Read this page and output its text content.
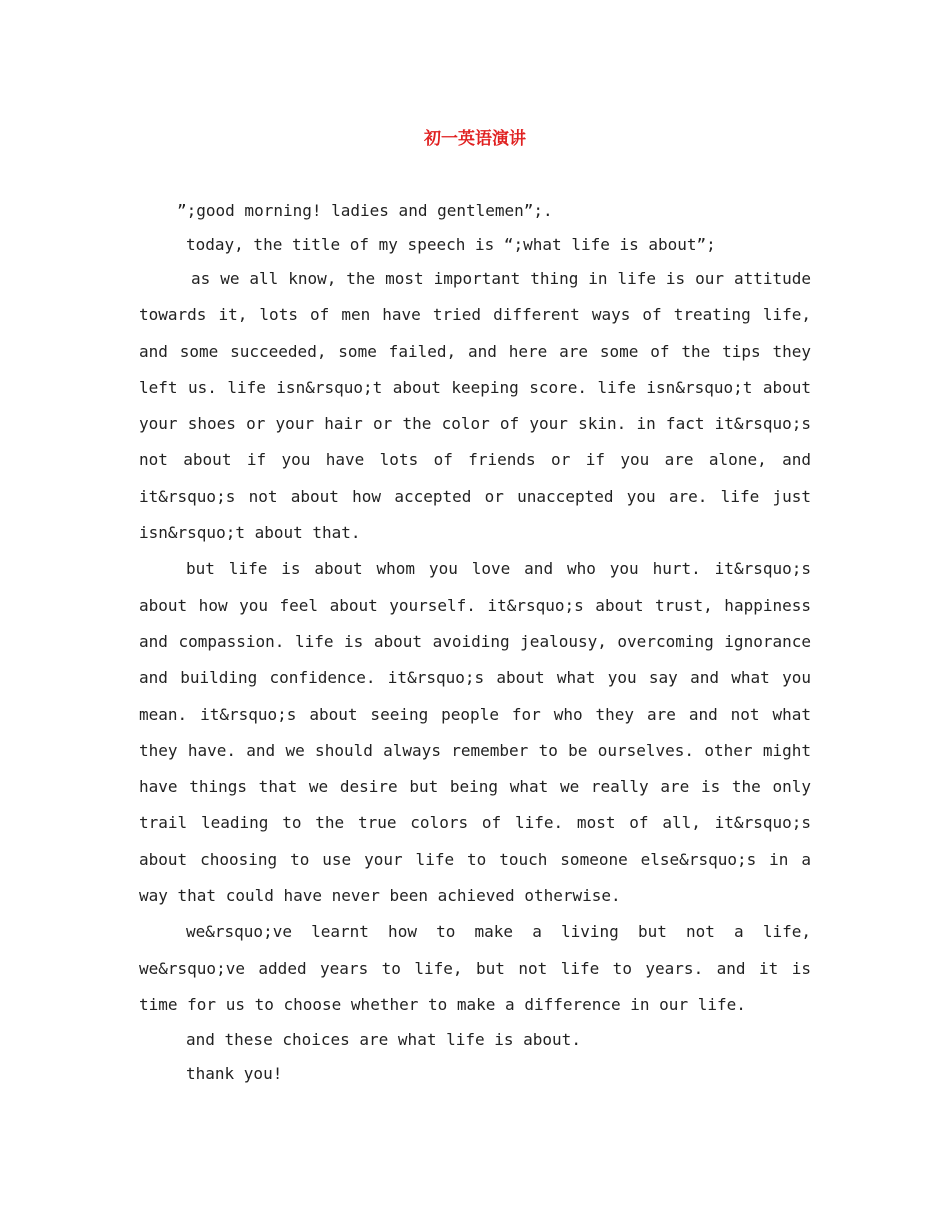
初一英语演讲

”;good morning! ladies and gentlemen”;.

today, the title of my speech is “;what life is about”;

as we all know, the most important thing in life is our attitude towards it, lots of men have tried different ways of treating life, and some succeeded, some failed, and here are some of the tips they left us. life isn&rsquo;t about keeping score. life isn&rsquo;t about your shoes or your hair or the color of your skin. in fact it&rsquo;s not about if you have lots of friends or if you are alone, and it&rsquo;s not about how accepted or unaccepted you are. life just isn&rsquo;t about that.

but life is about whom you love and who you hurt. it&rsquo;s about how you feel about yourself. it&rsquo;s about trust, happiness and compassion. life is about avoiding jealousy, overcoming ignorance and building confidence. it&rsquo;s about what you say and what you mean. it&rsquo;s about seeing people for who they are and not what they have. and we should always remember to be ourselves. other might have things that we desire but being what we really are is the only trail leading to the true colors of life. most of all, it&rsquo;s about choosing to use your life to touch someone else&rsquo;s in a way that could have never been achieved otherwise.

we&rsquo;ve learnt how to make a living but not a life, we&rsquo;ve added years to life, but not life to years. and it is time for us to choose whether to make a difference in our life.

and these choices are what life is about.

thank you!
